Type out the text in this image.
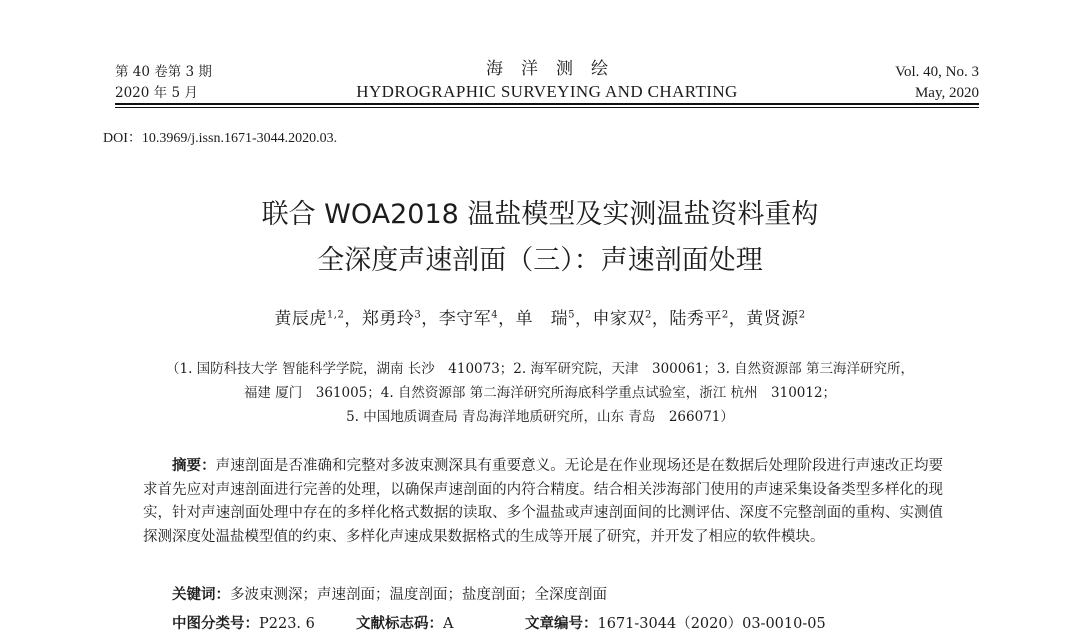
第 40 卷第 3 期
2020 年 5 月
海洋测绘
HYDROGRAPHIC SURVEYING AND CHARTING
Vol. 40, No. 3
May, 2020
DOI：10.3969/j.issn.1671-3044.2020.03.
联合 WOA2018 温盐模型及实测温盐资料重构
全深度声速剖面（三）：声速剖面处理
黄辰虎$^{1,2}$，郑勇玲$^3$，李守军$^4$，单　瑞$^5$，申家双$^2$，陆秀平$^2$，黄贤源$^2$
（1. 国防科技大学 智能科学学院，湖南 长沙　410073；2. 海军研究院，天津　300061；3. 自然资源部 第三海洋研究所，
福建 厦门　361005；4. 自然资源部 第二海洋研究所海底科学重点试验室，浙江 杭州　310012；
5. 中国地质调查局 青岛海洋地质研究所，山东 青岛　266071）

摘要：声速剖面是否准确和完整对多波束测深具有重要意义。无论是在作业现场还是在数据后处理阶段进行声速改正均要求首先应对声速剖面进行完善的处理，以确保声速剖面的内符合精度。结合相关涉海部门使用的声速采集设备类型多样化的现实，针对声速剖面处理中存在的多样化格式数据的读取、多个温盐或声速剖面间的比测评估、深度不完整剖面的重构、实测值探测深度处温盐模型值的约束、多样化声速成果数据格式的生成等开展了研究，并开发了相应的软件模块。

关键词：多波束测深；声速剖面；温度剖面；盐度剖面；全深度剖面
中图分类号：P223. 6	文献标志码：A	文章编号：1671-3044（2020）03-0010-05
